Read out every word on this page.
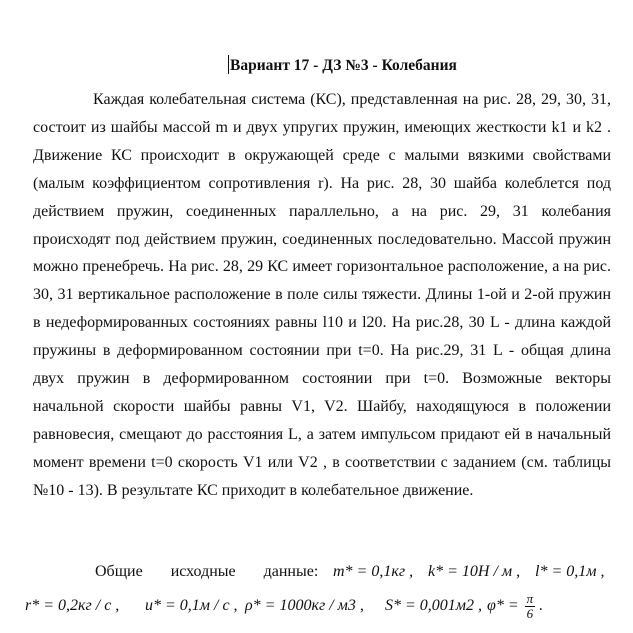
Вариант 17 - ДЗ №3 - Колебания

Каждая колебательная система (КС), представленная на рис. 28, 29, 30, 31, состоит из шайбы массой m и двух упругих пружин, имеющих жесткости k1 и k2 . Движение КС происходит в окружающей среде с малыми вязкими свойствами (малым коэффициентом сопротивления r). На рис. 28, 30 шайба колеблется под действием пружин, соединенных параллельно, а на рис. 29, 31 колебания происходят под действием пружин, соединенных последовательно. Массой пружин можно пренебречь. На рис. 28, 29 КС имеет горизонтальное расположение, а на рис. 30, 31 вертикальное расположение в поле силы тяжести. Длины 1-ой и 2-ой пружин в недеформированных состояниях равны l10 и l20. На рис.28, 30 L - длина каждой пружины в деформированном состоянии при t=0. На рис.29, 31 L - общая длина двух пружин в деформированном состоянии при t=0. Возможные векторы начальной скорости шайбы равны V1, V2. Шайбу, находящуюся в положении равновесия, смещают до расстояния L, а затем импульсом придают ей в начальный момент времени t=0 скорость V1 или V2 , в соответствии с заданием (см. таблицы №10 - 13). В результате КС приходит в колебательное движение.

Общие исходные данные: m* = 0,1кг , k* = 10Н / м , l* = 0,1м ,
r* = 0,2кг / с , u* = 0,1м / с , ρ* = 1000кг / м3 , S* = 0,001м2 , $\varphi* = \frac{\pi}{6}$ .
